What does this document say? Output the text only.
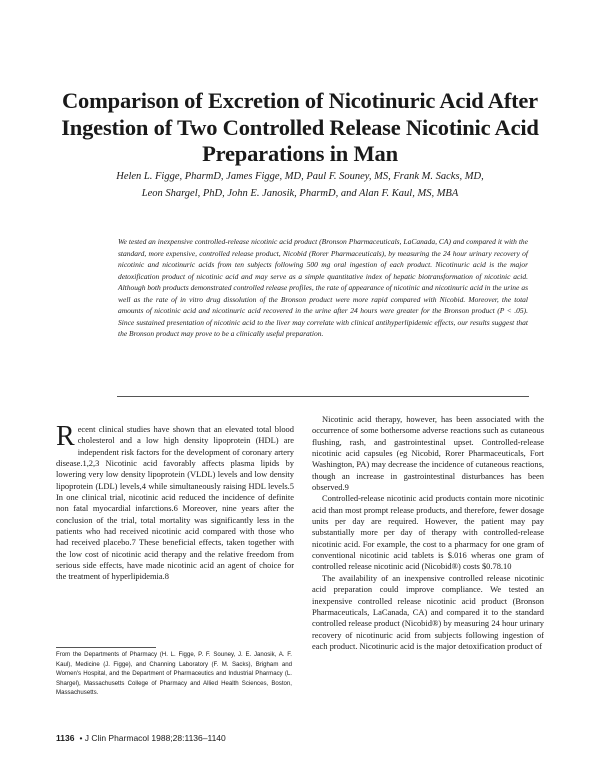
Comparison of Excretion of Nicotinuric Acid After Ingestion of Two Controlled Release Nicotinic Acid Preparations in Man
Helen L. Figge, PharmD, James Figge, MD, Paul F. Souney, MS, Frank M. Sacks, MD,
Leon Shargel, PhD, John E. Janosik, PharmD, and Alan F. Kaul, MS, MBA
We tested an inexpensive controlled-release nicotinic acid product (Bronson Pharmaceuticals, LaCanada, CA) and compared it with the standard, more expensive, controlled release product, Nicobid (Rorer Pharmaceuticals), by measuring the 24 hour urinary recovery of nicotinic and nicotinuric acids from ten subjects following 500 mg oral ingestion of each product. Nicotinuric acid is the major detoxification product of nicotinic acid and may serve as a simple quantitative index of hepatic biotransformation of nicotinic acid. Although both products demonstrated controlled release profiles, the rate of appearance of nicotinic and nicotinuric acid in the urine as well as the rate of in vitro drug dissolution of the Bronson product were more rapid compared with Nicobid. Moreover, the total amounts of nicotinic acid and nicotinuric acid recovered in the urine after 24 hours were greater for the Bronson product (P < .05). Since sustained presentation of nicotinic acid to the liver may correlate with clinical antihyperlipidemic effects, our results suggest that the Bronson product may prove to be a clinically useful preparation.

Recent clinical studies have shown that an elevated total blood cholesterol and a low high density lipoprotein (HDL) are independent risk factors for the development of coronary artery disease.1,2,3 Nicotinic acid favorably affects plasma lipids by lowering very low density lipoprotein (VLDL) levels and low density lipoprotein (LDL) levels,4 while simultaneously raising HDL levels.5 In one clinical trial, nicotinic acid reduced the incidence of definite non fatal myocardial infarctions.6 Moreover, nine years after the conclusion of the trial, total mortality was significantly less in the patients who had received nicotinic acid compared with those who had received placebo.7 These beneficial effects, taken together with the low cost of nicotinic acid therapy and the relative freedom from serious side effects, have made nicotinic acid an agent of choice for the treatment of hyperlipidemia.8

Nicotinic acid therapy, however, has been associated with the occurrence of some bothersome adverse reactions such as cutaneous flushing, rash, and gastrointestinal upset. Controlled-release nicotinic acid capsules (eg Nicobid, Rorer Pharmaceuticals, Fort Washington, PA) may decrease the incidence of cutaneous reactions, though an increase in gastrointestinal disturbances has been observed.9

Controlled-release nicotinic acid products contain more nicotinic acid than most prompt release products, and therefore, fewer dosage units per day are required. However, the patient may pay substantially more per day of therapy with controlled-release nicotinic acid. For example, the cost to a pharmacy for one gram of conventional nicotinic acid tablets is $.016 wheras one gram of controlled release nicotinic acid (Nicobid®) costs $0.78.10

The availability of an inexpensive controlled release nicotinic acid preparation could improve compliance. We tested an inexpensive controlled release nicotinic acid product (Bronson Pharmaceuticals, LaCanada, CA) and compared it to the standard controlled release product (Nicobid®) by measuring 24 hour urinary recovery of nicotinuric acid from subjects following ingestion of each product. Nicotinuric acid is the major detoxification product of

From the Departments of Pharmacy (H. L. Figge, P. F. Souney, J. E. Janosik, A. F. Kaul), Medicine (J. Figge), and Channing Laboratory (F. M. Sacks), Brigham and Women's Hospital, and the Department of Pharmaceutics and Industrial Pharmacy (L. Shargel), Massachusetts College of Pharmacy and Allied Health Sciences, Boston, Massachusetts.
1136 • J Clin Pharmacol 1988;28:1136–1140
